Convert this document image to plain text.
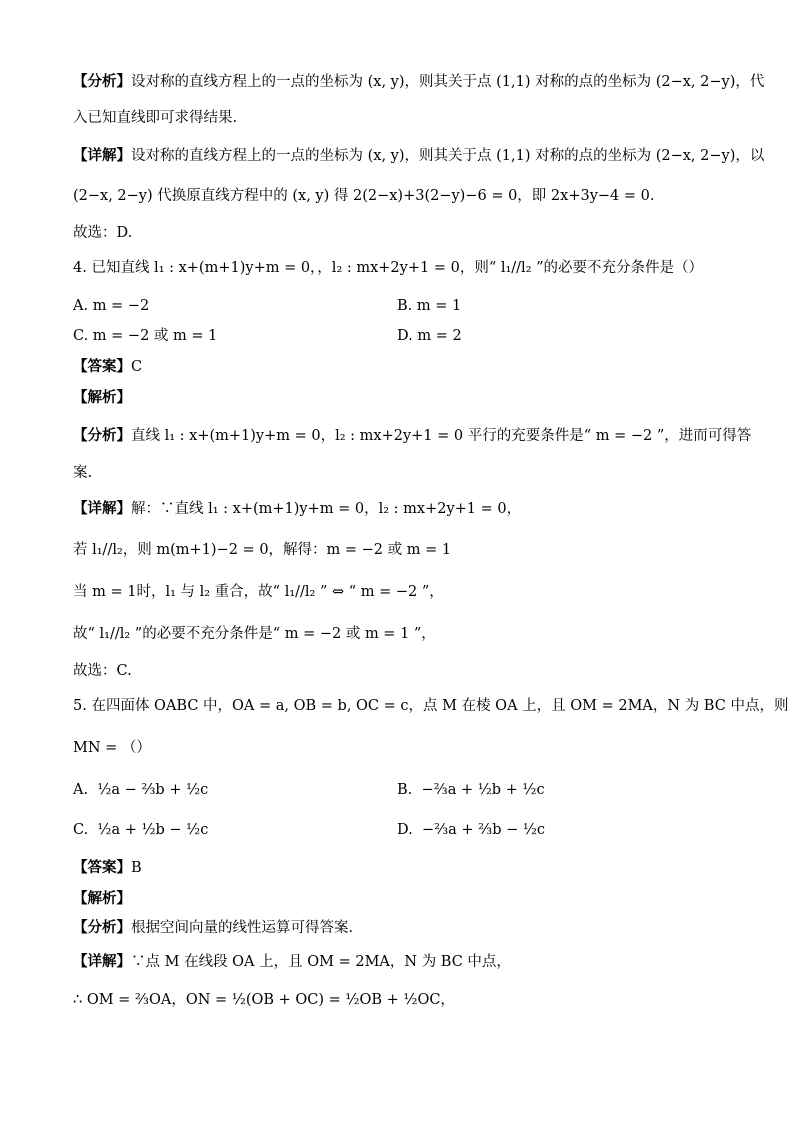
【分析】设对称的直线方程上的一点的坐标为 (x, y)，则其关于点 (1,1) 对称的点的坐标为 (2−x, 2−y)，代
入已知直线即可求得结果.
【详解】设对称的直线方程上的一点的坐标为 (x, y)，则其关于点 (1,1) 对称的点的坐标为 (2−x, 2−y)，以
(2−x, 2−y) 代换原直线方程中的 (x, y) 得 2(2−x)+3(2−y)−6 = 0，即 2x+3y−4 = 0.
故选：D.
4. 已知直线 l₁ : x+(m+1)y+m = 0，，l₂ : mx+2y+1 = 0，则“ l₁//l₂ ”的必要不充分条件是（）
A. m = −2	B. m = 1
C. m = −2 或 m = 1	D. m = 2
【答案】C
【解析】
【分析】直线 l₁ : x+(m+1)y+m = 0，l₂ : mx+2y+1 = 0 平行的充要条件是“ m = −2 ”，进而可得答
案.
【详解】解：∵直线 l₁ : x+(m+1)y+m = 0，l₂ : mx+2y+1 = 0，
若 l₁//l₂，则 m(m+1)−2 = 0，解得：m = −2 或 m = 1
当 m = 1时，l₁ 与 l₂ 重合，故“ l₁//l₂ ” ⇔ “ m = −2 ”，
故“ l₁//l₂ ”的必要不充分条件是“ m = −2 或 m = 1 ”，
故选：C.
5. 在四面体 OABC 中，OA = a, OB = b, OC = c，点 M 在棱 OA 上，且 OM = 2MA，N 为 BC 中点，则
MN = （）
A. ½a − ⅔b + ½c	B. −⅔a + ½b + ½c
C. ½a + ½b − ½c	D. −⅔a + ⅔b − ½c
【答案】B
【解析】
【分析】根据空间向量的线性运算可得答案.
【详解】∵点 M 在线段 OA 上，且 OM = 2MA，N 为 BC 中点，
∴ OM = ⅔OA，ON = ½(OB + OC) = ½OB + ½OC，
